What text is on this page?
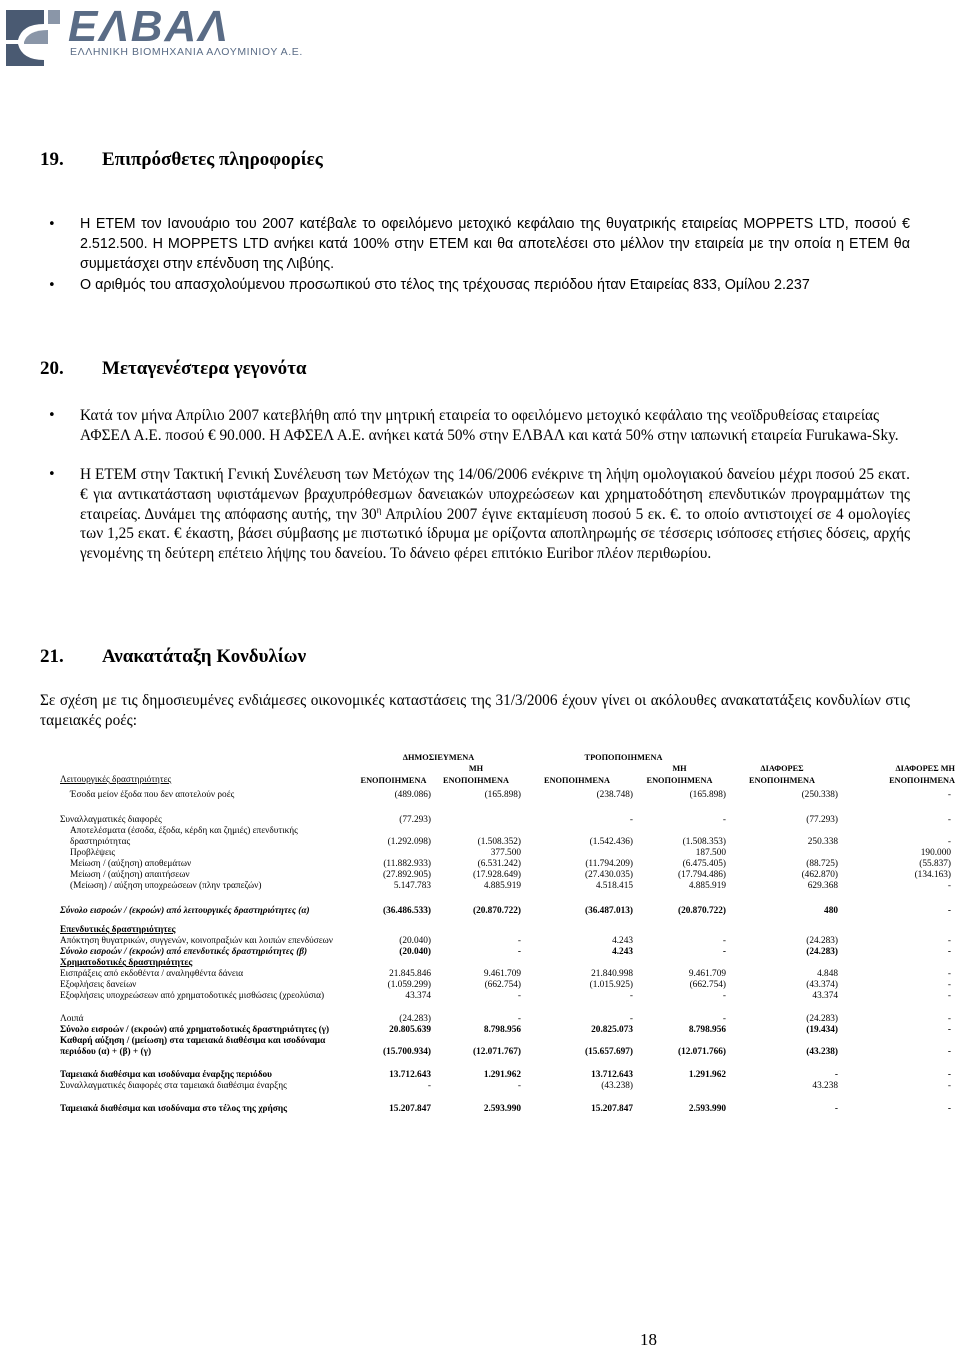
ΕΛΒΑΛ
ΕΛΛΗΝΙΚΗ ΒΙΟΜΗΧΑΝΙΑ ΑΛΟΥΜΙΝΙΟΥ Α.Ε.
19. Επιπρόσθετες πληροφορίες
• Η ΕΤΕΜ τον Ιανουάριο του 2007 κατέβαλε το οφειλόμενο μετοχικό κεφάλαιο της θυγατρικής εταιρείας MOPPETS LTD, ποσού € 2.512.500. Η MOPPETS LTD ανήκει κατά 100% στην ΕΤΕΜ και θα αποτελέσει στο μέλλον την εταιρεία με την οποία η ΕΤΕΜ θα συμμετάσχει στην επένδυση της Λιβύης.
• Ο αριθμός του απασχολούμενου προσωπικού στο τέλος της τρέχουσας περιόδου ήταν Εταιρείας 833, Ομίλου 2.237
20. Μεταγενέστερα γεγονότα
• Κατά τον μήνα Απρίλιο 2007 κατεβλήθη από την μητρική εταιρεία το οφειλόμενο μετοχικό κεφάλαιο της νεοϊδρυθείσας εταιρείας ΑΦΣΕΛ Α.Ε. ποσού € 90.000. Η ΑΦΣΕΛ Α.Ε. ανήκει κατά 50% στην ΕΛΒΑΛ και κατά 50% στην ιαπωνική εταιρεία Furukawa-Sky.
• Η ΕΤΕΜ στην Τακτική Γενική Συνέλευση των Μετόχων της 14/06/2006 ενέκρινε τη λήψη ομολογιακού δανείου μέχρι ποσού 25 εκατ. € για αντικατάσταση υφιστάμενων βραχυπρόθεσμων δανειακών υποχρεώσεων και χρηματοδότηση επενδυτικών προγραμμάτων της εταιρείας. Δυνάμει της απόφασης αυτής, την $30^\eta$ Απριλίου 2007 έγινε εκταμίευση ποσού 5 εκ. €. το οποίο αντιστοιχεί σε 4 ομολογίες των 1,25 εκατ. € έκαστη, βάσει σύμβασης με πιστωτικό ίδρυμα με ορίζοντα αποπληρωμής σε τέσσερις ισόποσες ετήσιες δόσεις, αρχής γενομένης τη δεύτερη επέτειο λήψης του δανείου. Το δάνειο φέρει επιτόκιο Euribor πλέον περιθωρίου.
21. Ανακατάταξη Κονδυλίων
Σε σχέση με τις δημοσιευμένες ενδιάμεσες οικονομικές καταστάσεις της 31/3/2006 έχουν γίνει οι ακόλουθες ανακατατάξεις κονδυλίων στις ταμειακές ροές:
	ΔΗΜΟΣΙΕΥΜΕΝΑ		ΤΡΟΠΟΠΟΙΗΜΕΝΑ			
		ΜΗ		ΜΗ	ΔΙΑΦΟΡΕΣ	ΔΙΑΦΟΡΕΣ ΜΗ
Λειτουργικές δραστηριότητες	ΕΝΟΠΟΙΗΜΕΝΑ	ΕΝΟΠΟΙΗΜΕΝΑ	ΕΝΟΠΟΙΗΜΕΝΑ	ΕΝΟΠΟΙΗΜΕΝΑ	ΕΝΟΠΟΙΗΜΕΝΑ	ΕΝΟΠΟΙΗΜΕΝΑ

Έσοδα μείον έξοδα που δεν αποτελούν ροές	(489.086)	(165.898)	(238.748)	(165.898)	(250.338)	-

Συναλλαγματικές διαφορές	(77.293)		-	-	(77.293)	-
Αποτελέσματα (έσοδα, έξοδα, κέρδη και ζημιές) επενδυτικής δραστηριότητας	(1.292.098)	(1.508.352)	(1.542.436)	(1.508.353)	250.338	-
Προβλέψεις		377.500		187.500		190.000
Μείωση / (αύξηση) αποθεμάτων	(11.882.933)	(6.531.242)	(11.794.209)	(6.475.405)	(88.725)	(55.837)
Μείωση / (αύξηση) απαιτήσεων	(27.892.905)	(17.928.649)	(27.430.035)	(17.794.486)	(462.870)	(134.163)
(Μείωση) / αύξηση υποχρεώσεων (πλην τραπεζών)	5.147.783	4.885.919	4.518.415	4.885.919	629.368	-

Σύνολο εισροών / (εκροών) από λειτουργικές δραστηριότητες (α)	(36.486.533)	(20.870.722)	(36.487.013)	(20.870.722)	480	-

Επενδυτικές δραστηριότητες						
Απόκτηση θυγατρικών, συγγενών, κοινοπραξιών και λοιπών επενδύσεων	(20.040)	-	4.243	-	(24.283)	-
Σύνολο εισροών / (εκροών) από επενδυτικές δραστηριότητες (β)	(20.040)	-	4.243	-	(24.283)	-
Χρηματοδοτικές δραστηριότητες						
Εισπράξεις από εκδοθέντα / αναληφθέντα δάνεια	21.845.846	9.461.709	21.840.998	9.461.709	4.848	-
Εξοφλήσεις δανείων	(1.059.299)	(662.754)	(1.015.925)	(662.754)	(43.374)	-
Εξοφλήσεις υποχρεώσεων από χρηματοδοτικές μισθώσεις (χρεολύσια)	43.374	-	-	-	43.374	-

Λοιπά	(24.283)	-	-	-	(24.283)	-
Σύνολο εισροών / (εκροών) από χρηματοδοτικές δραστηριότητες (γ)	20.805.639	8.798.956	20.825.073	8.798.956	(19.434)	-
Καθαρή αύξηση / (μείωση) στα ταμειακά διαθέσιμα και ισοδύναμα περιόδου (α) + (β) + (γ)	(15.700.934)	(12.071.767)	(15.657.697)	(12.071.766)	(43.238)	-

Ταμειακά διαθέσιμα και ισοδύναμα έναρξης περιόδου	13.712.643	1.291.962	13.712.643	1.291.962	-	-
Συναλλαγματικές διαφορές στα ταμειακά διαθέσιμα έναρξης	-	-	(43.238)		43.238	-

Ταμειακά διαθέσιμα και ισοδύναμα στο τέλος της χρήσης	15.207.847	2.593.990	15.207.847	2.593.990	-	-
18
